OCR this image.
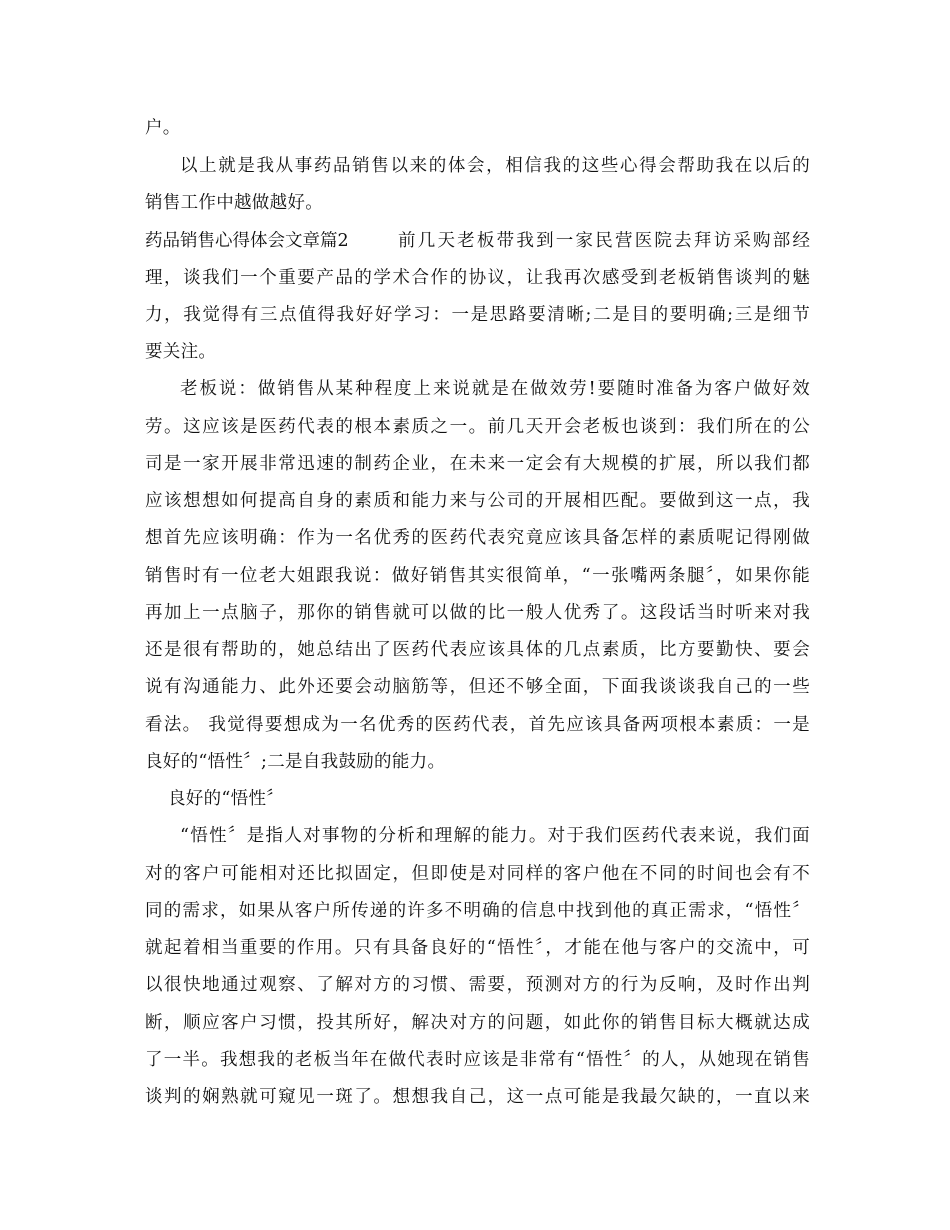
户。
以上就是我从事药品销售以来的体会，相信我的这些心得会帮助我在以后的
销售工作中越做越好。
药品销售心得体会文章篇2	前几天老板带我到一家民营医院去拜访采购部经
理，谈我们一个重要产品的学术合作的协议，让我再次感受到老板销售谈判的魅
力，我觉得有三点值得我好好学习：一是思路要清晰;二是目的要明确;三是细节
要关注。
老板说：做销售从某种程度上来说就是在做效劳!要随时准备为客户做好效
劳。这应该是医药代表的根本素质之一。前几天开会老板也谈到：我们所在的公
司是一家开展非常迅速的制药企业，在未来一定会有大规模的扩展，所以我们都
应该想想如何提高自身的素质和能力来与公司的开展相匹配。要做到这一点，我
想首先应该明确：作为一名优秀的医药代表究竟应该具备怎样的素质呢记得刚做
销售时有一位老大姐跟我说：做好销售其实很简单，“一张嘴两条腿〞，如果你能
再加上一点脑子，那你的销售就可以做的比一般人优秀了。这段话当时听来对我
还是很有帮助的，她总结出了医药代表应该具体的几点素质，比方要勤快、要会
说有沟通能力、此外还要会动脑筋等，但还不够全面，下面我谈谈我自己的一些
看法。 我觉得要想成为一名优秀的医药代表，首先应该具备两项根本素质：一是
良好的“悟性〞;二是自我鼓励的能力。
良好的“悟性〞
“悟性〞是指人对事物的分析和理解的能力。对于我们医药代表来说，我们面
对的客户可能相对还比拟固定，但即使是对同样的客户他在不同的时间也会有不
同的需求，如果从客户所传递的许多不明确的信息中找到他的真正需求，“悟性〞
就起着相当重要的作用。只有具备良好的“悟性〞，才能在他与客户的交流中，可
以很快地通过观察、了解对方的习惯、需要，预测对方的行为反响，及时作出判
断，顺应客户习惯，投其所好，解决对方的问题，如此你的销售目标大概就达成
了一半。我想我的老板当年在做代表时应该是非常有“悟性〞的人，从她现在销售
谈判的娴熟就可窥见一斑了。想想我自己，这一点可能是我最欠缺的，一直以来
